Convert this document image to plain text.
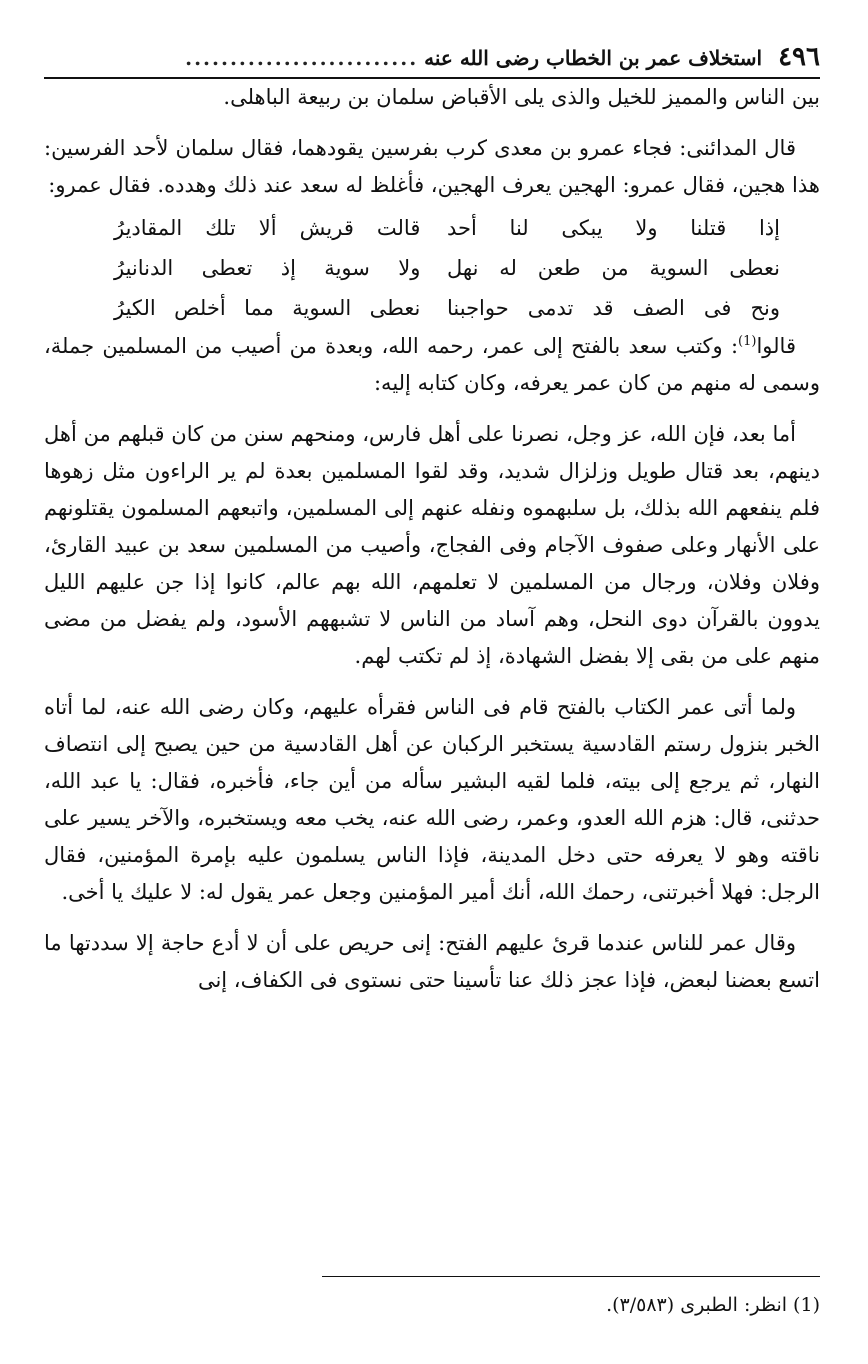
٤٩٦
استخلاف عمر بن الخطاب رضى الله عنه
..........................

بين الناس والمميز للخيل والذى يلى الأقباض سلمان بن ربيعة الباهلى.

قال المدائنى: فجاء عمرو بن معدى كرب بفرسين يقودهما، فقال سلمان لأحد الفرسين: هذا هجين، فقال عمرو: الهجين يعرف الهجين، فأغلظ له سعد عند ذلك وهدده. فقال عمرو:

إذا قتلنا ولا يبكى لنا أحد
قالت قريش ألا تلك المقاديرُ
نعطى السوية من طعن له نهل
ولا سوية إذ تعطى الدنانيرُ
ونح فى الصف قد تدمى حواجبنا
نعطى السوية مما أخلص الكيرُ

قالوا$^{(1)}$: وكتب سعد بالفتح إلى عمر، رحمه الله، وبعدة من أصيب من المسلمين جملة، وسمى له منهم من كان عمر يعرفه، وكان كتابه إليه:

أما بعد، فإن الله، عز وجل، نصرنا على أهل فارس، ومنحهم سنن من كان قبلهم من أهل دينهم، بعد قتال طويل وزلزال شديد، وقد لقوا المسلمين بعدة لم ير الراءون مثل زهوها فلم ينفعهم الله بذلك، بل سلبهموه ونفله عنهم إلى المسلمين، واتبعهم المسلمون يقتلونهم على الأنهار وعلى صفوف الآجام وفى الفجاج، وأصيب من المسلمين سعد بن عبيد القارئ، وفلان وفلان، ورجال من المسلمين لا تعلمهم، الله بهم عالم، كانوا إذا جن عليهم الليل يدوون بالقرآن دوى النحل، وهم آساد من الناس لا تشبههم الأسود، ولم يفضل من مضى منهم على من بقى إلا بفضل الشهادة، إذ لم تكتب لهم.

ولما أتى عمر الكتاب بالفتح قام فى الناس فقرأه عليهم، وكان رضى الله عنه، لما أتاه الخبر بنزول رستم القادسية يستخبر الركبان عن أهل القادسية من حين يصبح إلى انتصاف النهار، ثم يرجع إلى بيته، فلما لقيه البشير سأله من أين جاء، فأخبره، فقال: يا عبد الله، حدثنى، قال: هزم الله العدو، وعمر، رضى الله عنه، يخب معه ويستخبره، والآخر يسير على ناقته وهو لا يعرفه حتى دخل المدينة، فإذا الناس يسلمون عليه بإمرة المؤمنين، فقال الرجل: فهلا أخبرتنى، رحمك الله، أنك أمير المؤمنين وجعل عمر يقول له: لا عليك يا أخى.

وقال عمر للناس عندما قرئ عليهم الفتح: إنى حريص على أن لا أدع حاجة إلا سددتها ما اتسع بعضنا لبعض، فإذا عجز ذلك عنا تأسينا حتى نستوى فى الكفاف، إنى

(1) انظر: الطبرى (٣/٥٨٣).
